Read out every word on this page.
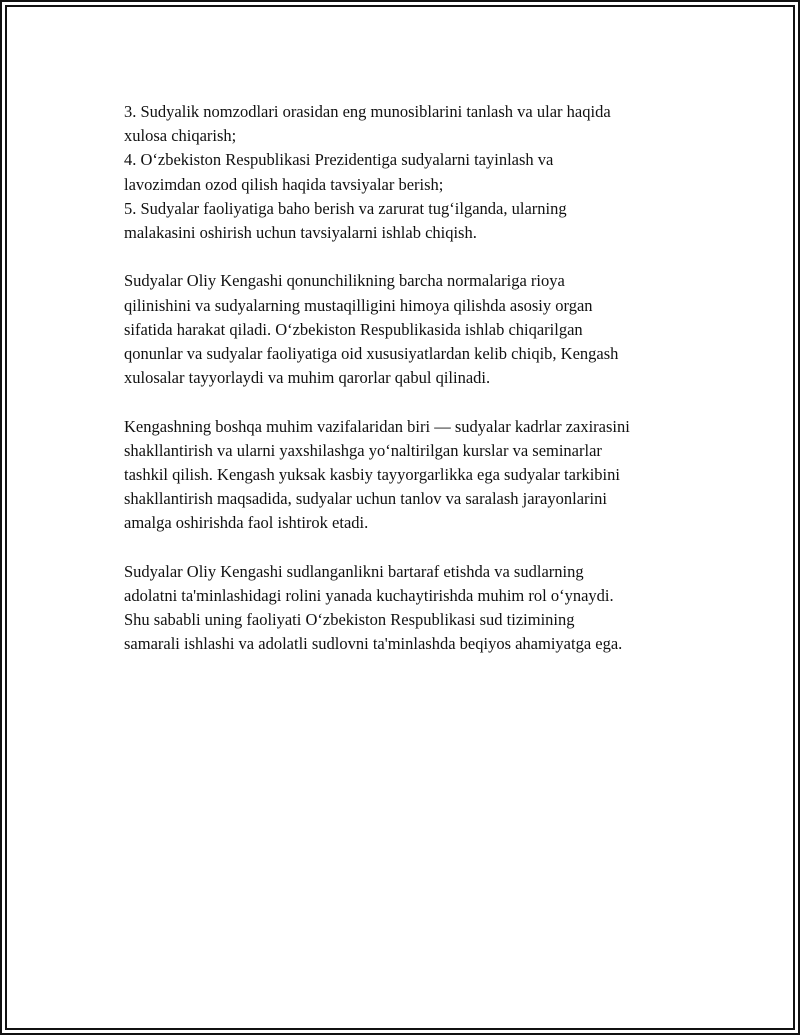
3. Sudyalik nomzodlari orasidan eng munosiblarini tanlash va ular haqida
xulosa chiqarish;
4. O‘zbekiston Respublikasi Prezidentiga sudyalarni tayinlash va
lavozimdan ozod qilish haqida tavsiyalar berish;
5. Sudyalar faoliyatiga baho berish va zarurat tug‘ilganda, ularning
malakasini oshirish uchun tavsiyalarni ishlab chiqish.
Sudyalar Oliy Kengashi qonunchilikning barcha normalariga rioya
qilinishini va sudyalarning mustaqilligini himoya qilishda asosiy organ
sifatida harakat qiladi. O‘zbekiston Respublikasida ishlab chiqarilgan
qonunlar va sudyalar faoliyatiga oid xususiyatlardan kelib chiqib, Kengash
xulosalar tayyorlaydi va muhim qarorlar qabul qilinadi.
Kengashning boshqa muhim vazifalaridan biri — sudyalar kadrlar zaxirasini
shakllantirish va ularni yaxshilashga yo‘naltirilgan kurslar va seminarlar
tashkil qilish. Kengash yuksak kasbiy tayyorgarlikka ega sudyalar tarkibini
shakllantirish maqsadida, sudyalar uchun tanlov va saralash jarayonlarini
amalga oshirishda faol ishtirok etadi.
Sudyalar Oliy Kengashi sudlanganlikni bartaraf etishda va sudlarning
adolatni ta'minlashidagi rolini yanada kuchaytirishda muhim rol o‘ynaydi.
Shu sababli uning faoliyati O‘zbekiston Respublikasi sud tizimining
samarali ishlashi va adolatli sudlovni ta'minlashda beqiyos ahamiyatga ega.
